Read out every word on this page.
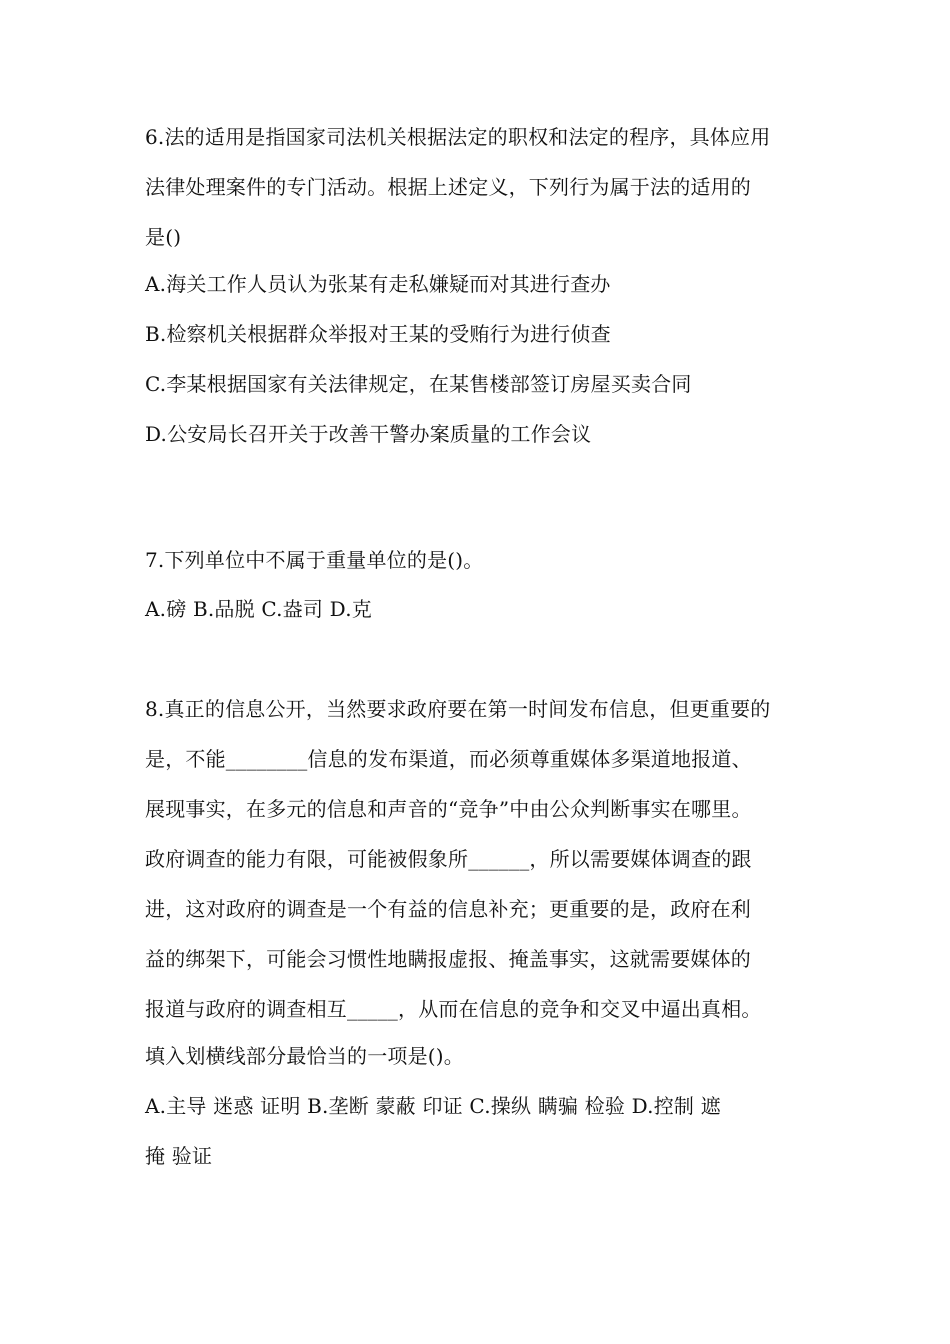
6.法的适用是指国家司法机关根据法定的职权和法定的程序，具体应用
法律处理案件的专门活动。根据上述定义，下列行为属于法的适用的
是()
A.海关工作人员认为张某有走私嫌疑而对其进行查办
B.检察机关根据群众举报对王某的受贿行为进行侦查
C.李某根据国家有关法律规定，在某售楼部签订房屋买卖合同
D.公安局长召开关于改善干警办案质量的工作会议
7.下列单位中不属于重量单位的是()。
A.磅 B.品脱 C.盎司 D.克
8.真正的信息公开，当然要求政府要在第一时间发布信息，但更重要的
是，不能________信息的发布渠道，而必须尊重媒体多渠道地报道、
展现事实，在多元的信息和声音的“竞争”中由公众判断事实在哪里。
政府调查的能力有限，可能被假象所______，所以需要媒体调查的跟
进，这对政府的调查是一个有益的信息补充；更重要的是，政府在利
益的绑架下，可能会习惯性地瞒报虚报、掩盖事实，这就需要媒体的
报道与政府的调查相互_____，从而在信息的竞争和交叉中逼出真相。
填入划横线部分最恰当的一项是()。
A.主导 迷惑 证明 B.垄断 蒙蔽 印证 C.操纵 瞒骗 检验 D.控制 遮
掩 验证
